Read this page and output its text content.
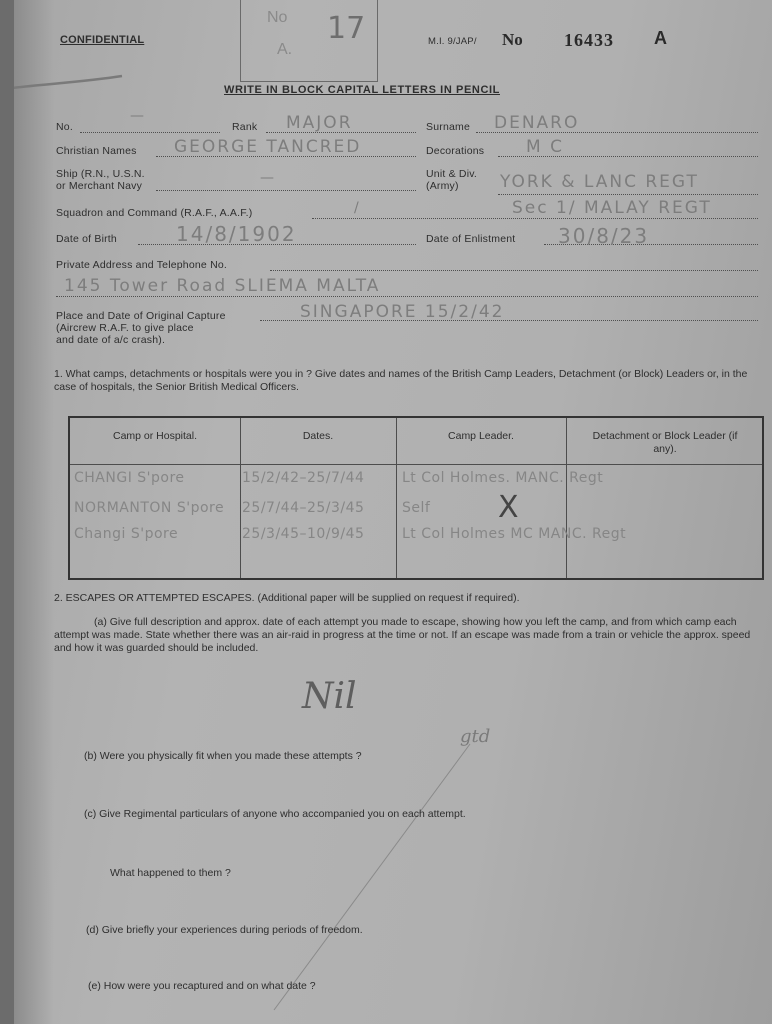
CONFIDENTIAL
No
A.
17	M.I. 9/JAP/ No 16433 A
WRITE IN BLOCK CAPITAL LETTERS IN PENCIL
No.
—
Rank MAJOR	Surname DENARO
Christian Names GEORGE TANCRED	Decorations M C
Ship (R.N., U.S.N.
or Merchant Navy	—	Unit & Div.
(Army)	YORK & LANC REGT
Squadron and Command (R.A.F., A.A.F.)	/	Sec 1/ MALAY REGT
Date of Birth	14/8/1902	Date of Enlistment 30/8/23
Private Address and Telephone No.
145 Tower Road SLIEMA MALTA
Place and Date of Original Capture
(Aircrew R.A.F. to give place
and date of a/c crash).
SINGAPORE 15/2/42
1. What camps, detachments or hospitals were you in ? Give dates and names of the British Camp Leaders, Detachment (or Block) Leaders or, in the case of hospitals, the Senior British Medical Officers.
Camp or Hospital.	Dates.	Camp Leader.	Detachment or Block Leader (if any).
CHANGI S'pore	15/2/42–25/7/44	Lt Col Holmes. MANC. Regt
NORMANTON S'pore 25/7/44–25/3/45	Self X
Changi S'pore	25/3/45–10/9/45	Lt Col Holmes MC MANC. Regt
2. ESCAPES OR ATTEMPTED ESCAPES. (Additional paper will be supplied on request if required).
(a) Give full description and approx. date of each attempt you made to escape, showing how you left the camp, and from which camp each attempt was made. State whether there was an air-raid in progress at the time or not. If an escape was made from a train or vehicle the approx. speed and how it was guarded should be included.
Nil
gtd
(b) Were you physically fit when you made these attempts ?
(c) Give Regimental particulars of anyone who accompanied you on each attempt.
What happened to them ?
(d) Give briefly your experiences during periods of freedom.
(e) How were you recaptured and on what date ?
